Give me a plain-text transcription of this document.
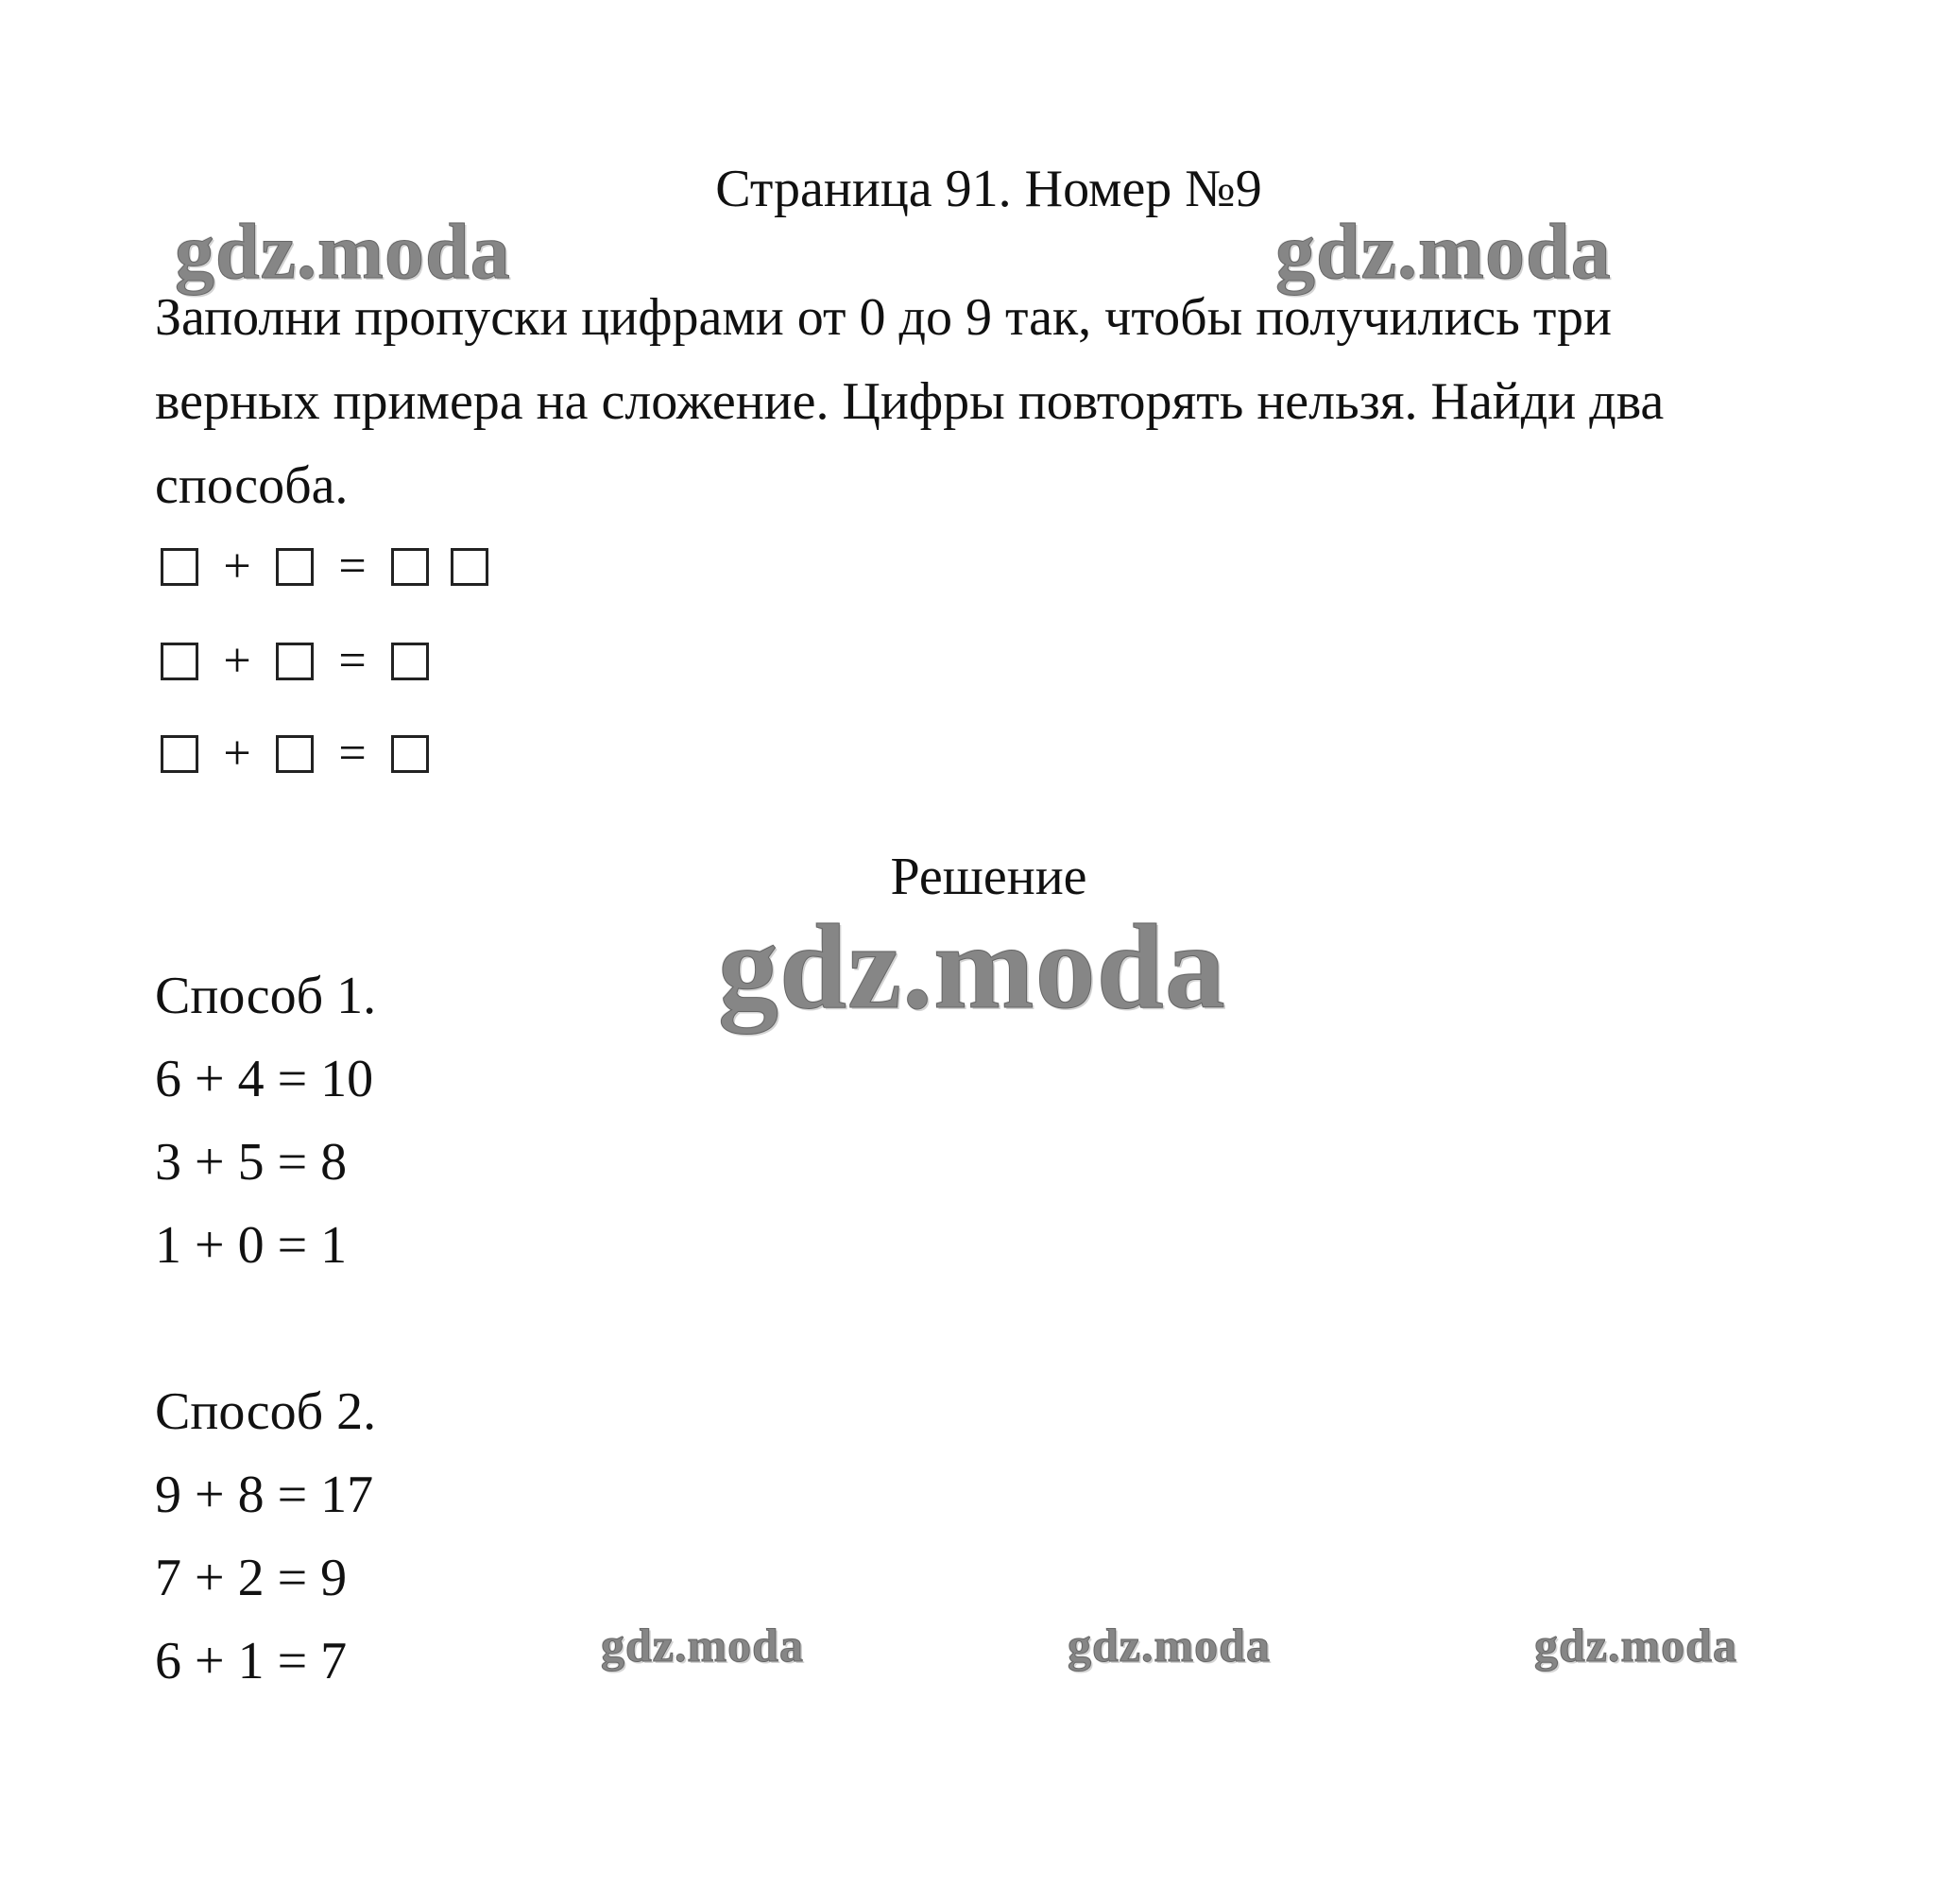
Страница 91. Номер №9
gdz.moda	gdz.moda
Заполни пропуски цифрами от 0 до 9 так, чтобы получились три
верных примера на сложение. Цифры повторять нельзя. Найди два
способа.
+	=
+	=
+	=
Решение
gdz.moda
Способ 1.
6 + 4 = 10
3 + 5 = 8
1 + 0 = 1
Способ 2.
9 + 8 = 17
7 + 2 = 9
6 + 1 = 7	gdz.moda	gdz.moda	gdz.moda
